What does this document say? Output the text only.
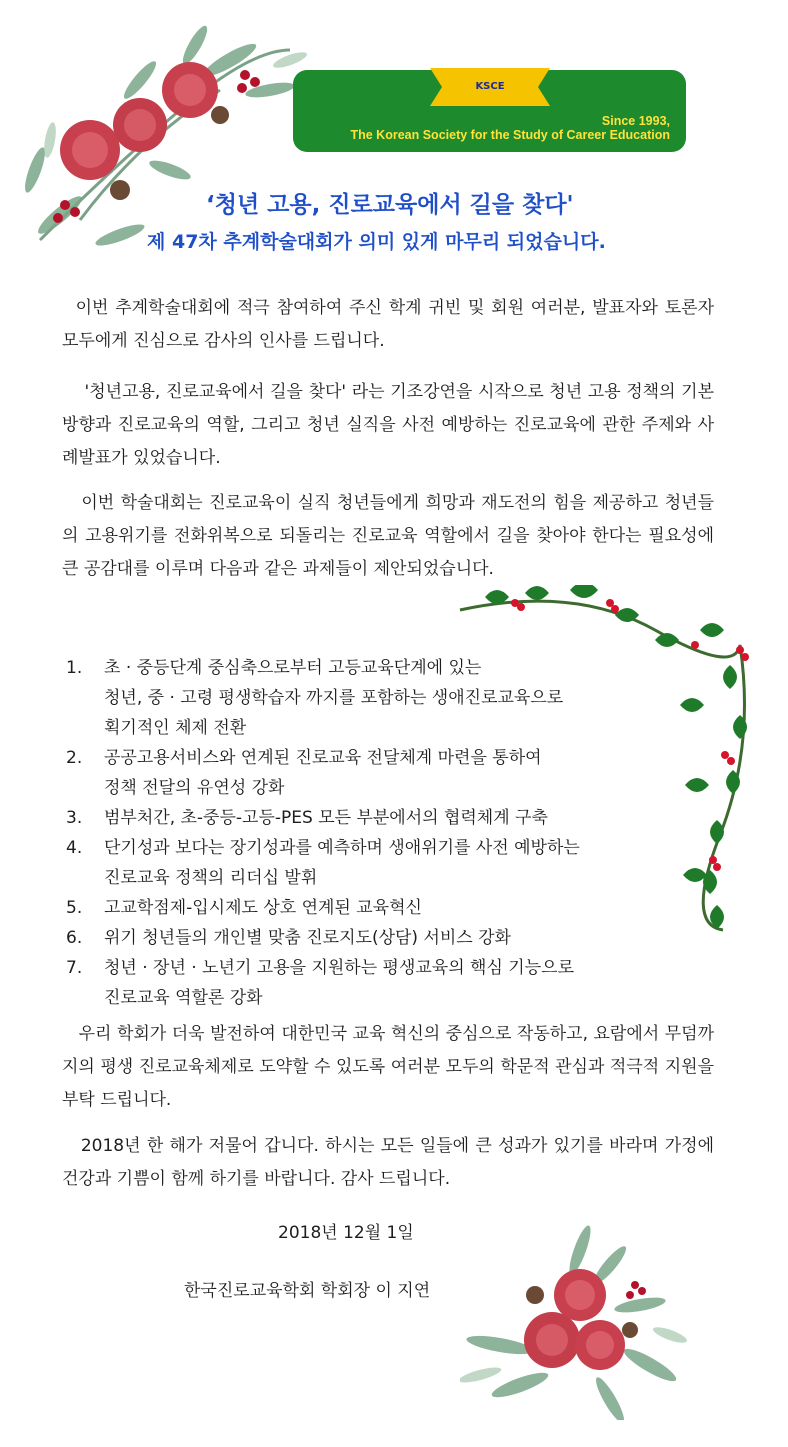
KSCE
Since 1993,
The Korean Society for the Study of Career Education
‘청년 고용, 진로교육에서 길을 찾다'
제 47차 추계학술대회가 의미 있게 마무리 되었습니다.
이번 추계학술대회에 적극 참여하여 주신 학계 귀빈 및 회원 여러분, 발표자와 토론자 모두에게 진심으로 감사의 인사를 드립니다.
'청년고용, 진로교육에서 길을 찾다' 라는 기조강연을 시작으로 청년 고용 정책의 기본방향과 진로교육의 역할, 그리고 청년 실직을 사전 예방하는 진로교육에 관한 주제와 사례발표가 있었습니다.
이번 학술대회는 진로교육이 실직 청년들에게 희망과 재도전의 힘을 제공하고 청년들의 고용위기를 전화위복으로 되돌리는 진로교육 역할에서 길을 찾아야 한다는 필요성에 큰 공감대를 이루며 다음과 같은 과제들이 제안되었습니다.
1.	초 · 중등단계 중심축으로부터 고등교육단계에 있는
청년, 중 · 고령 평생학습자 까지를 포함하는 생애진로교육으로
획기적인 체제 전환
2.	공공고용서비스와 연계된 진로교육 전달체계 마련을 통하여
정책 전달의 유연성 강화
3.	범부처간, 초-중등-고등-PES 모든 부분에서의 협력체계 구축
4.	단기성과 보다는 장기성과를 예측하며 생애위기를 사전 예방하는
진로교육 정책의 리더십 발휘
5.	고교학점제-입시제도 상호 연계된 교육혁신
6.	위기 청년들의 개인별 맞춤 진로지도(상담) 서비스 강화
7.	청년 · 장년 · 노년기 고용을 지원하는 평생교육의 핵심 기능으로
진로교육 역할론 강화
우리 학회가 더욱 발전하여 대한민국 교육 혁신의 중심으로 작동하고, 요람에서 무덤까지의 평생 진로교육체제로 도약할 수 있도록 여러분 모두의 학문적 관심과 적극적 지원을 부탁 드립니다.
2018년 한 해가 저물어 갑니다. 하시는 모든 일들에 큰 성과가 있기를 바라며 가정에 건강과 기쁨이 함께 하기를 바랍니다. 감사 드립니다.
2018년 12월 1일
한국진로교육학회 학회장 이 지연
